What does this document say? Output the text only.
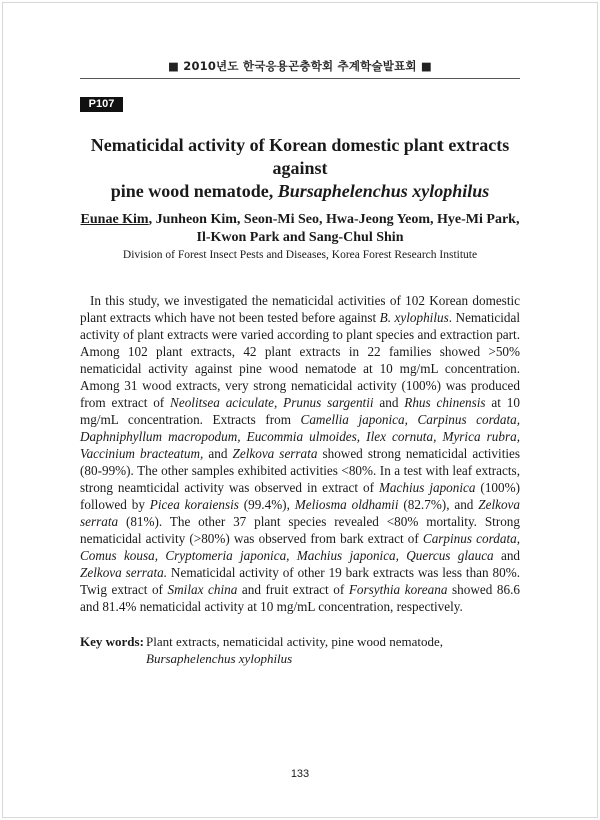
■ 2010년도 한국응용곤충학회 추계학술발표회 ■
P107
Nematicidal activity of Korean domestic plant extracts against
pine wood nematode, Bursaphelenchus xylophilus
Eunae Kim, Junheon Kim, Seon-Mi Seo, Hwa-Jeong Yeom, Hye-Mi Park,
Il-Kwon Park and Sang-Chul Shin
Division of Forest Insect Pests and Diseases, Korea Forest Research Institute

In this study, we investigated the nematicidal activities of 102 Korean domestic plant extracts which have not been tested before against B. xylophilus. Nematicidal activity of plant extracts were varied according to plant species and extraction part. Among 102 plant extracts, 42 plant extracts in 22 families showed >50% nematicidal activity against pine wood nematode at 10 mg/mL concentration. Among 31 wood extracts, very strong nematicidal activity (100%) was produced from extract of Neolitsea aciculate, Prunus sargentii and Rhus chinensis at 10 mg/mL concentration. Extracts from Camellia japonica, Carpinus cordata, Daphniphyllum macropodum, Eucommia ulmoides, Ilex cornuta, Myrica rubra, Vaccinium bracteatum, and Zelkova serrata showed strong nematicidal activities (80-99%). The other samples exhibited activities <80%. In a test with leaf extracts, strong neamticidal activity was observed in extract of Machius japonica (100%) followed by Picea koraiensis (99.4%), Meliosma oldhamii (82.7%), and Zelkova serrata (81%). The other 37 plant species revealed <80% mortality. Strong nematicidal activity (>80%) was observed from bark extract of Carpinus cordata, Comus kousa, Cryptomeria japonica, Machius japonica, Quercus glauca and Zelkova serrata. Nematicidal activity of other 19 bark extracts was less than 80%. Twig extract of Smilax china and fruit extract of Forsythia koreana showed 86.6 and 81.4% nematicidal activity at 10 mg/mL concentration, respectively.

Key words: Plant extracts, nematicidal activity, pine wood nematode, Bursaphelenchus xylophilus
133
